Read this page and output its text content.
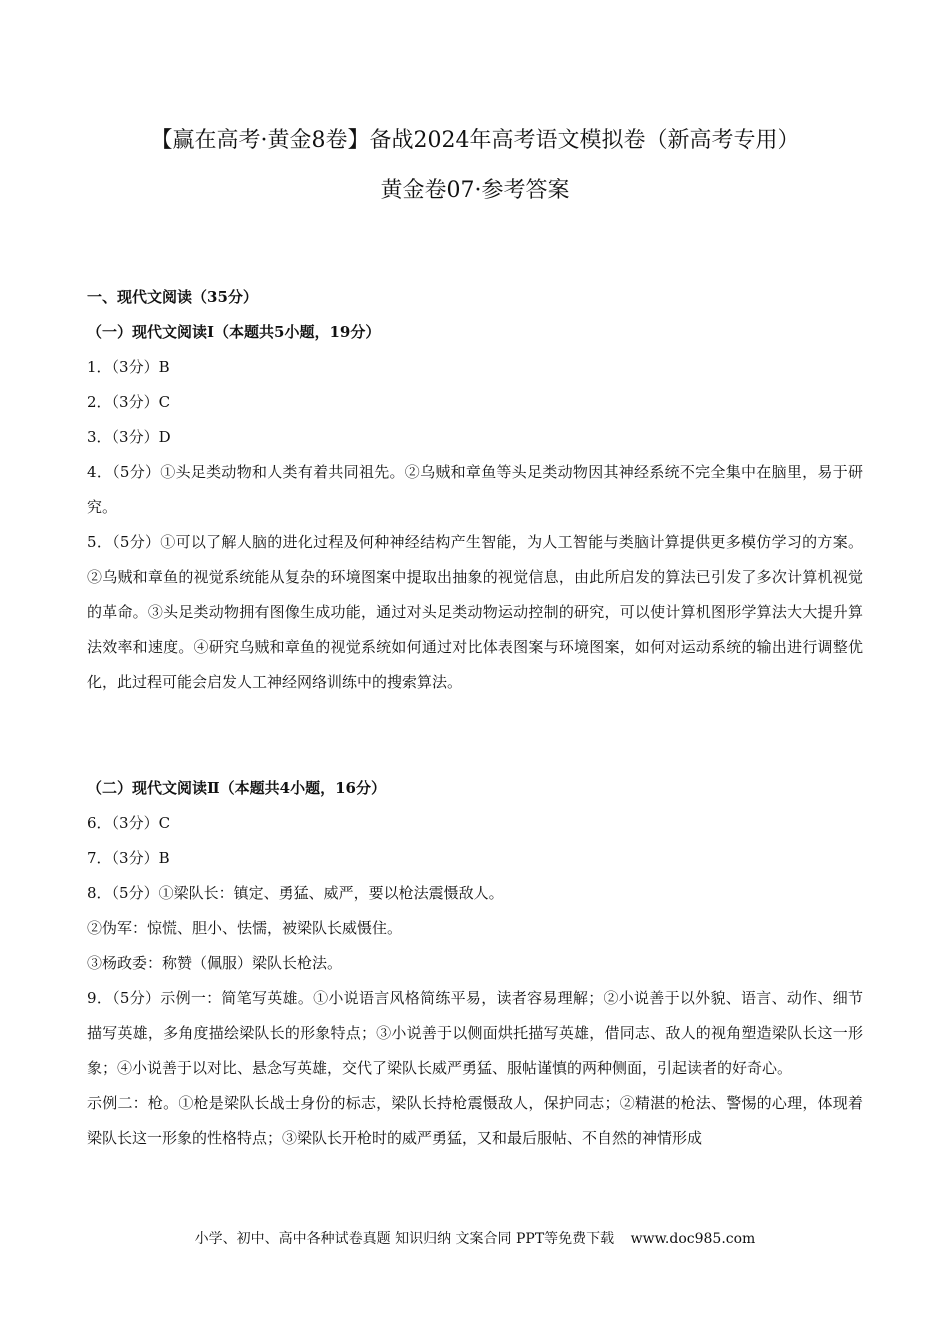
【赢在高考·黄金8卷】备战2024年高考语文模拟卷（新高考专用）
黄金卷07·参考答案

一、现代文阅读（35分）

（一）现代文阅读Ⅰ（本题共5小题，19分）

1．（3分）B

2．（3分）C

3．（3分）D

4．（5分）①头足类动物和人类有着共同祖先。②乌贼和章鱼等头足类动物因其神经系统不完全集中在脑里，易于研究。

5．（5分）①可以了解人脑的进化过程及何种神经结构产生智能，为人工智能与类脑计算提供更多模仿学习的方案。②乌贼和章鱼的视觉系统能从复杂的环境图案中提取出抽象的视觉信息，由此所启发的算法已引发了多次计算机视觉的革命。③头足类动物拥有图像生成功能，通过对头足类动物运动控制的研究，可以使计算机图形学算法大大提升算法效率和速度。④研究乌贼和章鱼的视觉系统如何通过对比体表图案与环境图案，如何对运动系统的输出进行调整优化，此过程可能会启发人工神经网络训练中的搜索算法。

（二）现代文阅读Ⅱ（本题共4小题，16分）

6．（3分）C

7．（3分）B

8．（5分）①梁队长：镇定、勇猛、威严，要以枪法震慑敌人。

②伪军：惊慌、胆小、怯懦，被梁队长威慑住。

③杨政委：称赞（佩服）梁队长枪法。

9．（5分）示例一：简笔写英雄。①小说语言风格简练平易，读者容易理解；②小说善于以外貌、语言、动作、细节描写英雄，多角度描绘梁队长的形象特点；③小说善于以侧面烘托描写英雄，借同志、敌人的视角塑造梁队长这一形象；④小说善于以对比、悬念写英雄，交代了梁队长威严勇猛、服帖谨慎的两种侧面，引起读者的好奇心。

示例二：枪。①枪是梁队长战士身份的标志，梁队长持枪震慑敌人，保护同志；②精湛的枪法、警惕的心理，体现着梁队长这一形象的性格特点；③梁队长开枪时的威严勇猛，又和最后服帖、不自然的神情形成

小学、初中、高中各种试卷真题 知识归纳 文案合同 PPT等免费下载 www.doc985.com
